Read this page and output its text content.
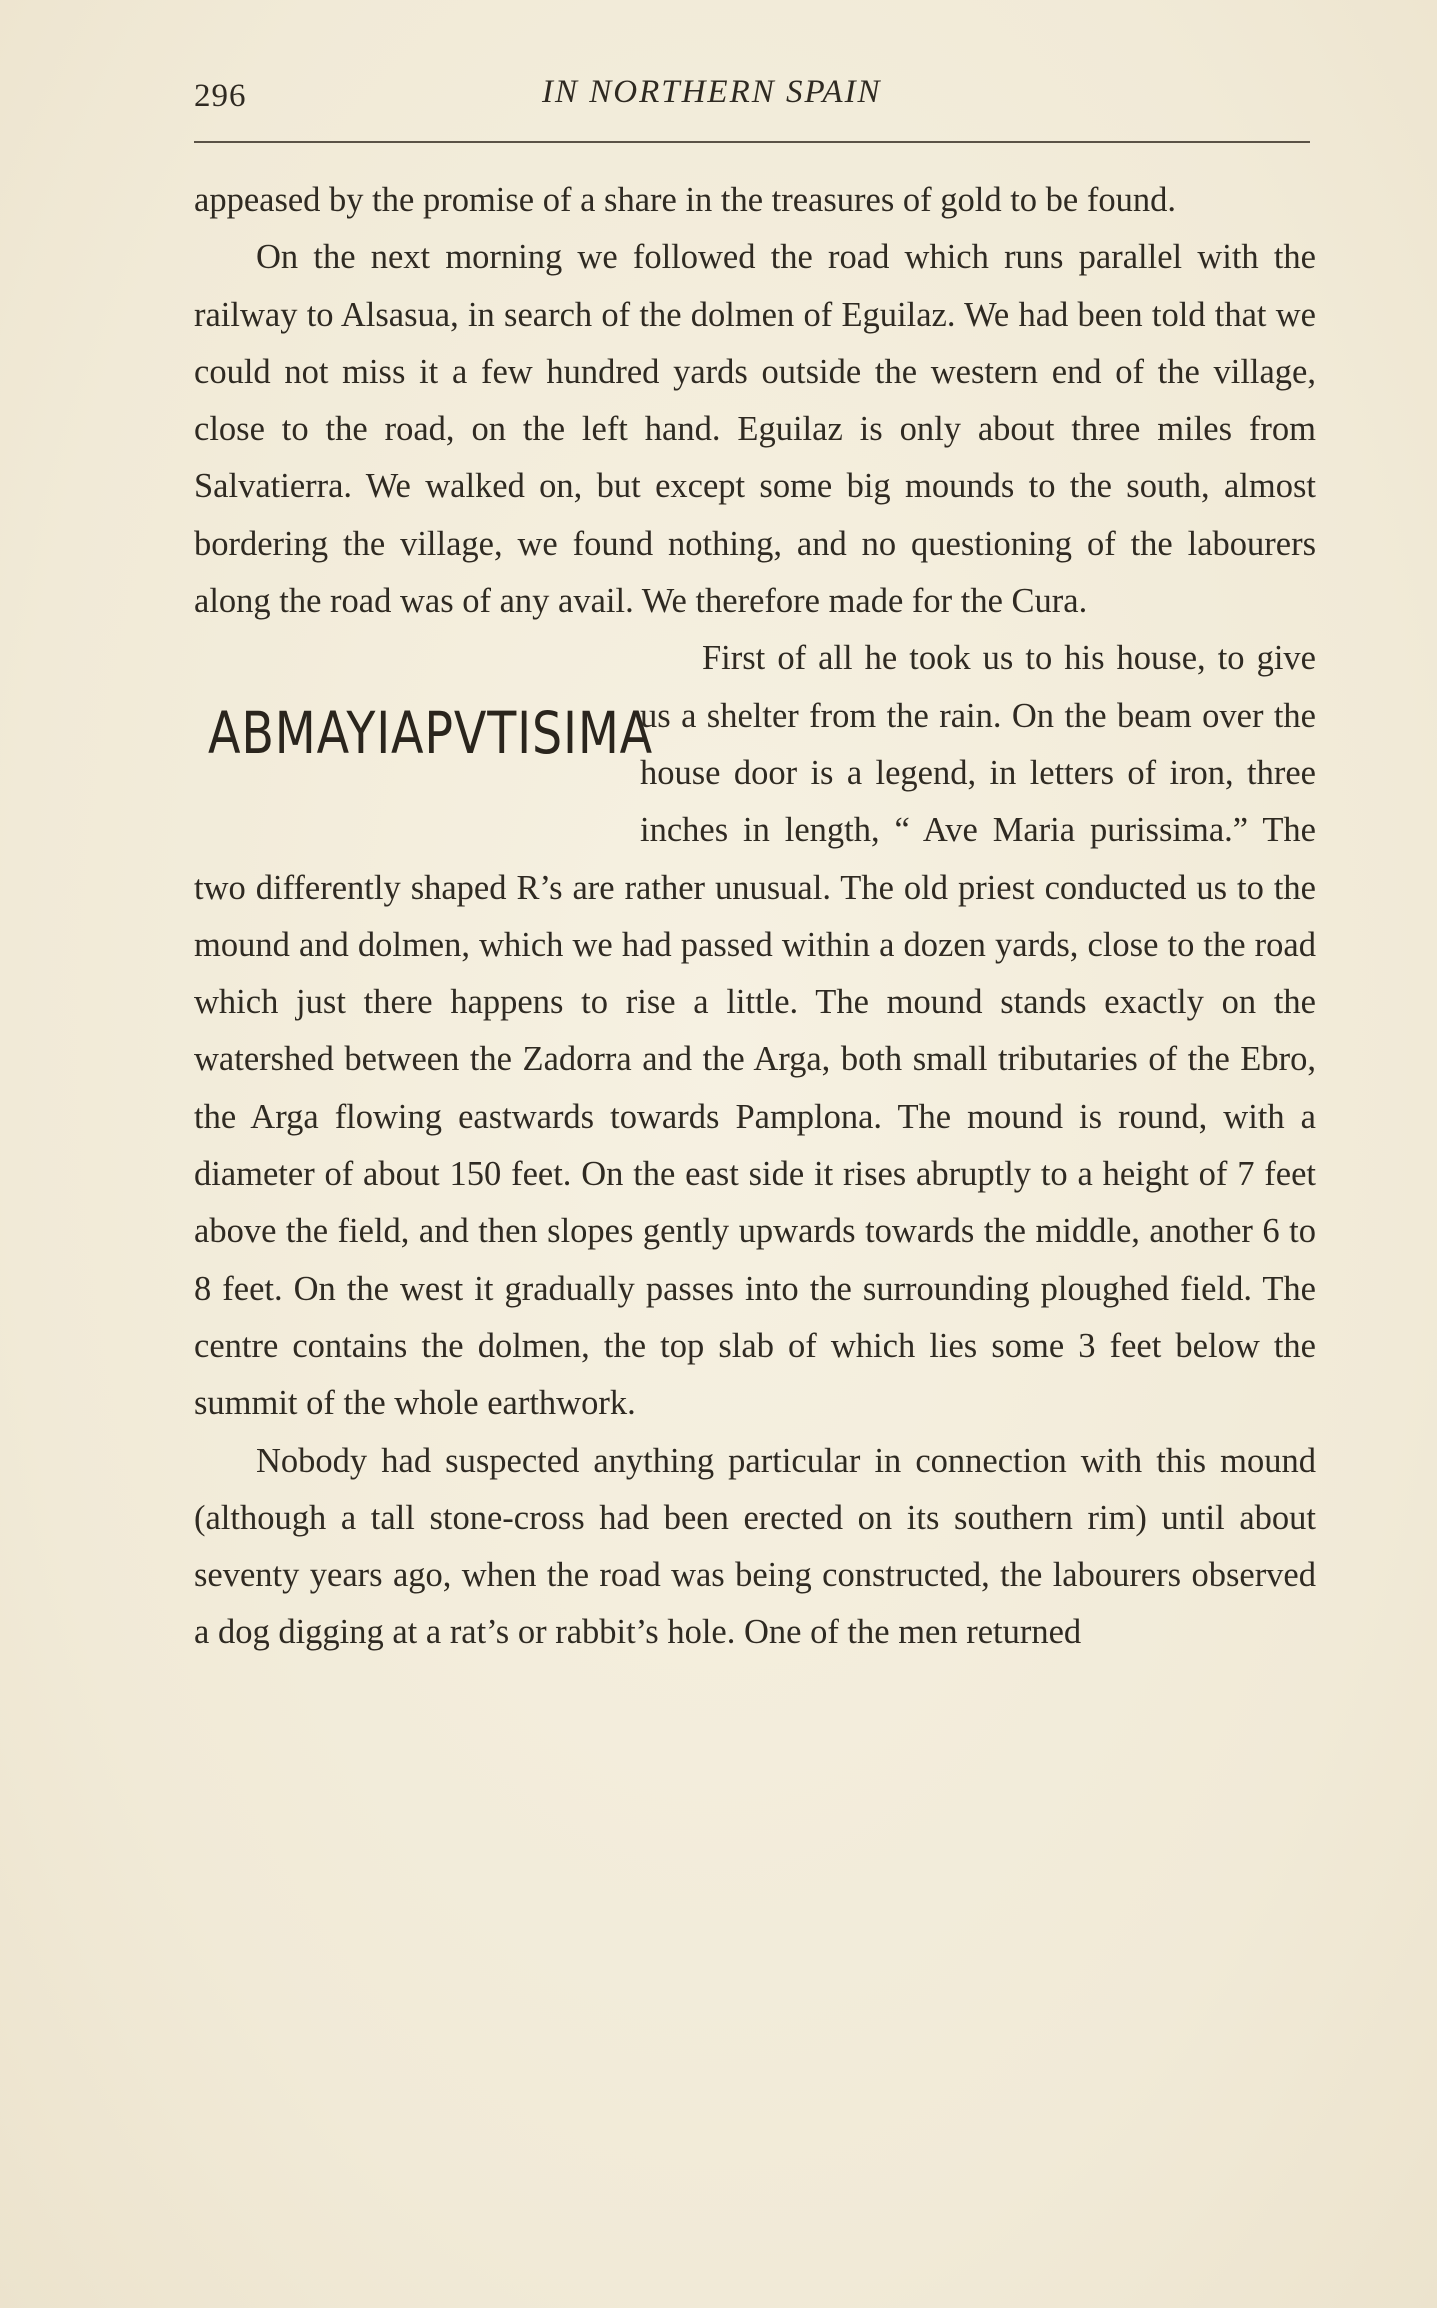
296	IN NORTHERN SPAIN

appeased by the promise of a share in the treasures of gold to be found.

On the next morning we followed the road which runs parallel with the railway to Alsasua, in search of the dolmen of Eguilaz. We had been told that we could not miss it a few hundred yards outside the western end of the village, close to the road, on the left hand. Eguilaz is only about three miles from Salvatierra. We walked on, but except some big mounds to the south, almost bordering the village, we found nothing, and no questioning of the labourers along the road was of any avail. We therefore made for the Cura.

ABMAYIAPVTISIMA

First of all he took us to his house, to give us a shelter from the rain. On the beam over the house door is a legend, in letters of iron, three inches in length, “ Ave Maria purissima.” The two differently shaped R’s are rather unusual. The old priest conducted us to the mound and dolmen, which we had passed within a dozen yards, close to the road which just there happens to rise a little. The mound stands exactly on the watershed between the Zadorra and the Arga, both small tributaries of the Ebro, the Arga flowing eastwards towards Pamplona. The mound is round, with a diameter of about 150 feet. On the east side it rises abruptly to a height of 7 feet above the field, and then slopes gently upwards towards the middle, another 6 to 8 feet. On the west it gradually passes into the surrounding ploughed field. The centre contains the dolmen, the top slab of which lies some 3 feet below the summit of the whole earthwork.

Nobody had suspected anything particular in connection with this mound (although a tall stone-cross had been erected on its southern rim) until about seventy years ago, when the road was being constructed, the labourers observed a dog digging at a rat’s or rabbit’s hole. One of the men returned
